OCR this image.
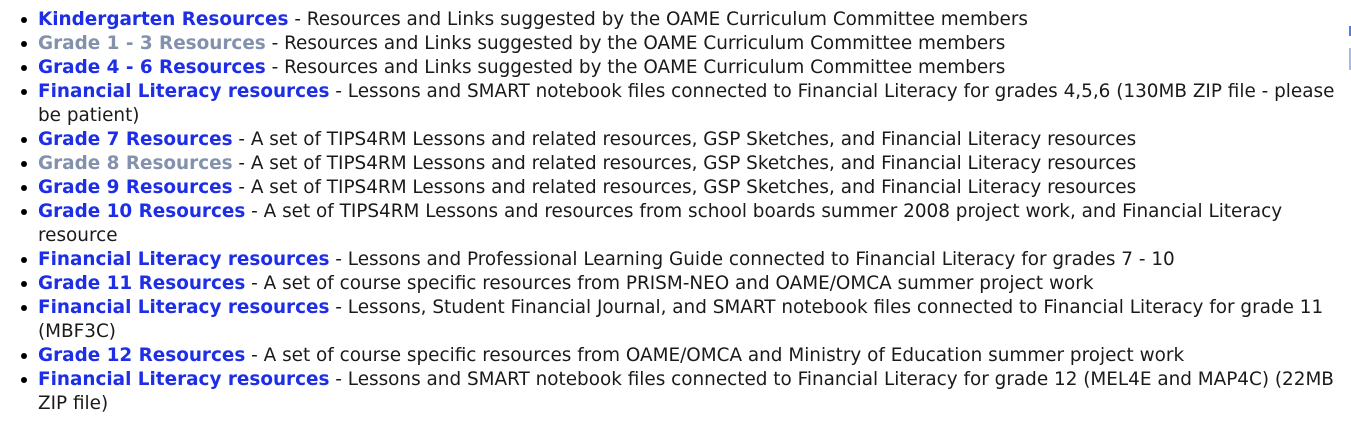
Kindergarten Resources - Resources and Links suggested by the OAME Curriculum Committee members
Grade 1 - 3 Resources - Resources and Links suggested by the OAME Curriculum Committee members
Grade 4 - 6 Resources - Resources and Links suggested by the OAME Curriculum Committee members
Financial Literacy resources - Lessons and SMART notebook files connected to Financial Literacy for grades 4,5,6 (130MB ZIP file - please be patient)
Grade 7 Resources - A set of TIPS4RM Lessons and related resources, GSP Sketches, and Financial Literacy resources
Grade 8 Resources - A set of TIPS4RM Lessons and related resources, GSP Sketches, and Financial Literacy resources
Grade 9 Resources - A set of TIPS4RM Lessons and related resources, GSP Sketches, and Financial Literacy resources
Grade 10 Resources - A set of TIPS4RM Lessons and resources from school boards summer 2008 project work, and Financial Literacy resource
Financial Literacy resources - Lessons and Professional Learning Guide connected to Financial Literacy for grades 7 - 10
Grade 11 Resources - A set of course specific resources from PRISM-NEO and OAME/OMCA summer project work
Financial Literacy resources - Lessons, Student Financial Journal, and SMART notebook files connected to Financial Literacy for grade 11 (MBF3C)
Grade 12 Resources - A set of course specific resources from OAME/OMCA and Ministry of Education summer project work
Financial Literacy resources - Lessons and SMART notebook files connected to Financial Literacy for grade 12 (MEL4E and MAP4C) (22MB ZIP file)
